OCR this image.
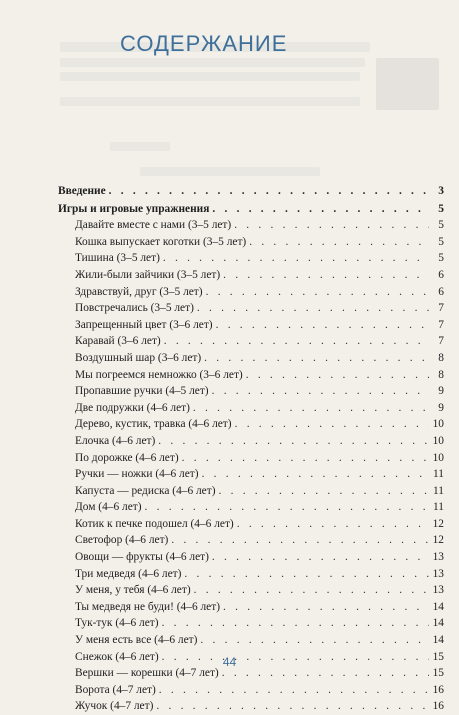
СОДЕРЖАНИЕ
Введение . . .	3
Игры и игровые упражнения . . .	5
Давайте вместе с нами (3–5 лет) . . .	5
Кошка выпускает коготки (3–5 лет) . . .	5
Тишина (3–5 лет) . . .	5
Жили-были зайчики (3–5 лет) . . .	6
Здравствуй, друг (3–5 лет) . . .	6
Повстречались (3–5 лет) . . .	7
Запрещенный цвет (3–6 лет) . . .	7
Каравай (3–6 лет) . . .	7
Воздушный шар (3–6 лет) . . .	8
Мы погреемся немножко (3–6 лет) . . .	8
Пропавшие ручки (4–5 лет) . . .	9
Две подружки (4–6 лет) . . .	9
Дерево, кустик, травка (4–6 лет) . . .	10
Елочка (4–6 лет) . . .	10
По дорожке (4–6 лет) . . .	10
Ручки — ножки (4–6 лет) . . .	11
Капуста — редиска (4–6 лет) . . .	11
Дом (4–6 лет) . . .	11
Котик к печке подошел (4–6 лет) . . .	12
Светофор (4–6 лет) . . .	12
Овощи — фрукты (4–6 лет) . . .	13
Три медведя (4–6 лет) . . .	13
У меня, у тебя (4–6 лет) . . .	13
Ты медведя не буди! (4–6 лет) . . .	14
Тук-тук (4–6 лет) . . .	14
У меня есть все (4–6 лет) . . .	14
Снежок (4–6 лет) . . .	15
Вершки — корешки (4–7 лет) . . .	15
Ворота (4–7 лет) . . .	16
Жучок (4–7 лет) . . .	16

44
